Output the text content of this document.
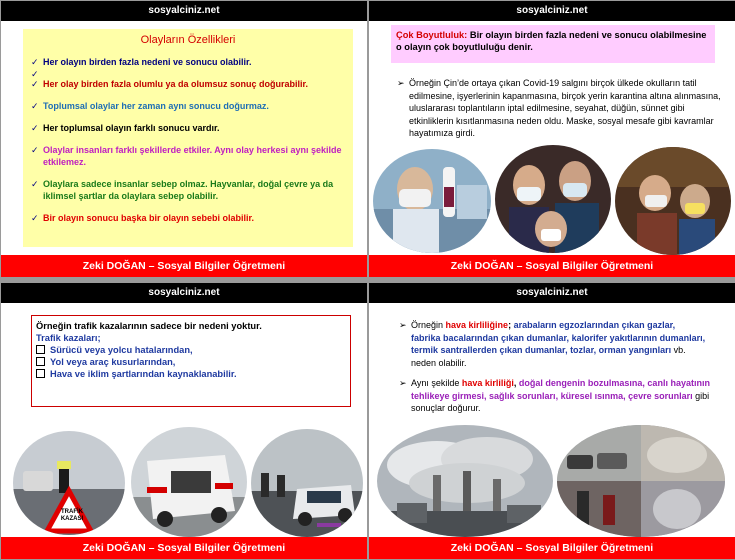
sosyalciniz.net
Olayların Özellikleri
✓ Her olayın birden fazla nedeni ve sonucu olabilir.
✓
✓ Her olay birden fazla olumlu ya da olumsuz sonuç doğurabilir.
✓ Toplumsal olaylar her zaman aynı sonucu doğurmaz.
✓ Her toplumsal olayın farklı sonucu vardır.
✓ Olaylar insanları farklı şekillerde etkiler. Aynı olay herkesi aynı şekilde etkilemez.
✓ Olaylara sadece insanlar sebep olmaz. Hayvanlar, doğal çevre ya da iklimsel şartlar da olaylara sebep olabilir.
✓ Bir olayın sonucu başka bir olayın sebebi olabilir.
Zeki DOĞAN – Sosyal Bilgiler Öğretmeni
sosyalciniz.net
Çok Boyutluluk: Bir olayın birden fazla nedeni ve sonucu olabilmesine o olayın çok boyutluluğu denir.
➢ Örneğin Çin’de ortaya çıkan Covid-19 salgını birçok ülkede okulların tatil edilmesine, işyerlerinin kapanmasına, birçok yerin karantina altına alınmasına, uluslararası toplantıların iptal edilmesine, seyahat, düğün, sünnet gibi etkinliklerin kısıtlanmasına neden oldu. Maske, sosyal mesafe gibi kavramlar hayatımıza girdi.
Zeki DOĞAN – Sosyal Bilgiler Öğretmeni
sosyalciniz.net
Örneğin trafik kazalarının sadece bir nedeni yoktur.
Trafik kazaları;
Sürücü veya yolcu hatalarından,
Yol veya araç kusurlarından,
Hava ve iklim şartlarından kaynaklanabilir.
TRAFİK
KAZASI
Zeki DOĞAN – Sosyal Bilgiler Öğretmeni
sosyalciniz.net
➢ Örneğin hava kirliliğine; arabaların egzozlarından çıkan gazlar, fabrika bacalarından çıkan dumanlar, kalorifer yakıtlarının dumanları, termik santrallerden çıkan dumanlar, tozlar, orman yangınları vb. neden olabilir.
➢ Aynı şekilde hava kirliliği, doğal dengenin bozulmasına, canlı hayatının tehlikeye girmesi, sağlık sorunları, küresel ısınma, çevre sorunları gibi sonuçlar doğurur.
Zeki DOĞAN – Sosyal Bilgiler Öğretmeni
